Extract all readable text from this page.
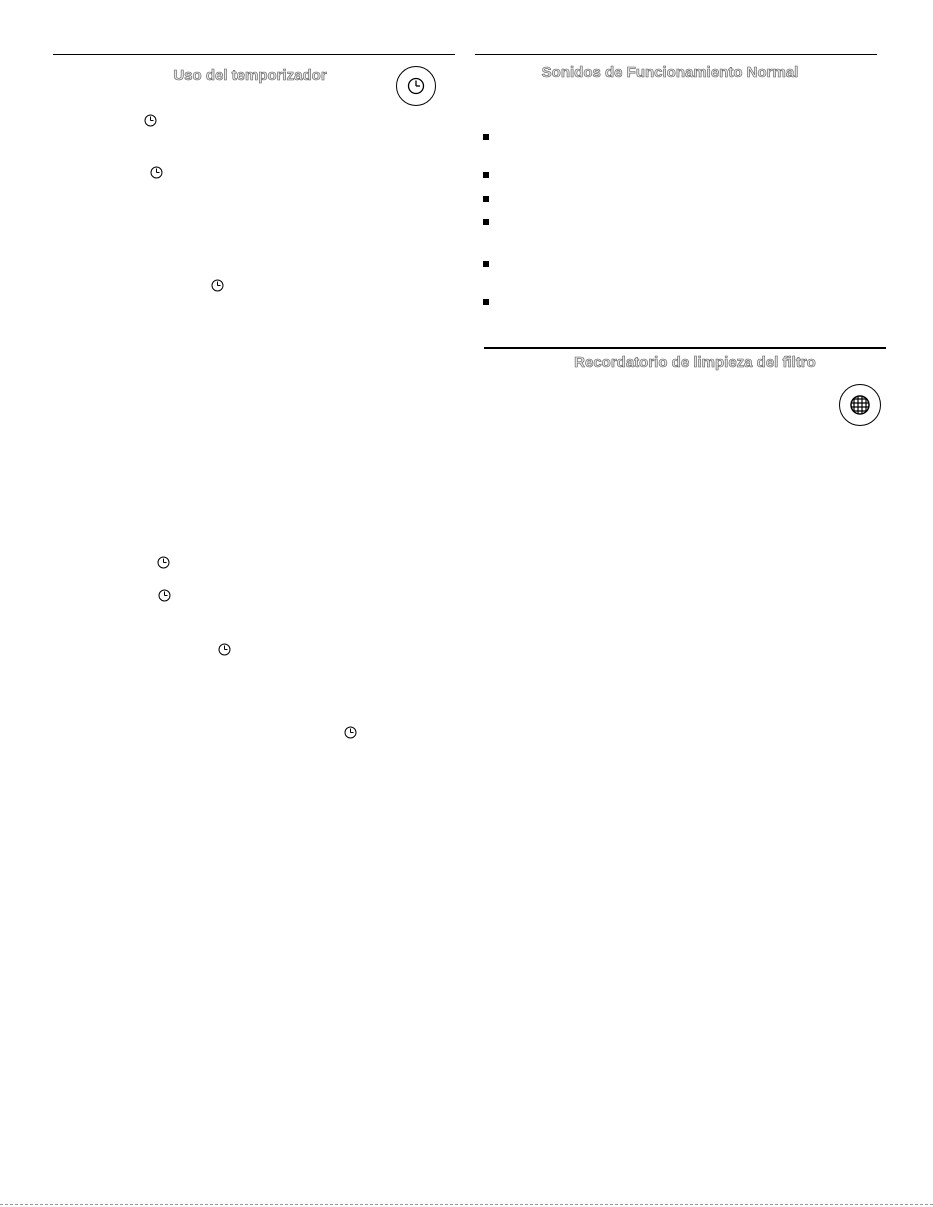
Uso del temporizador	Sonidos de Funcionamiento Normal
Recordatorio de limpieza del filtro
